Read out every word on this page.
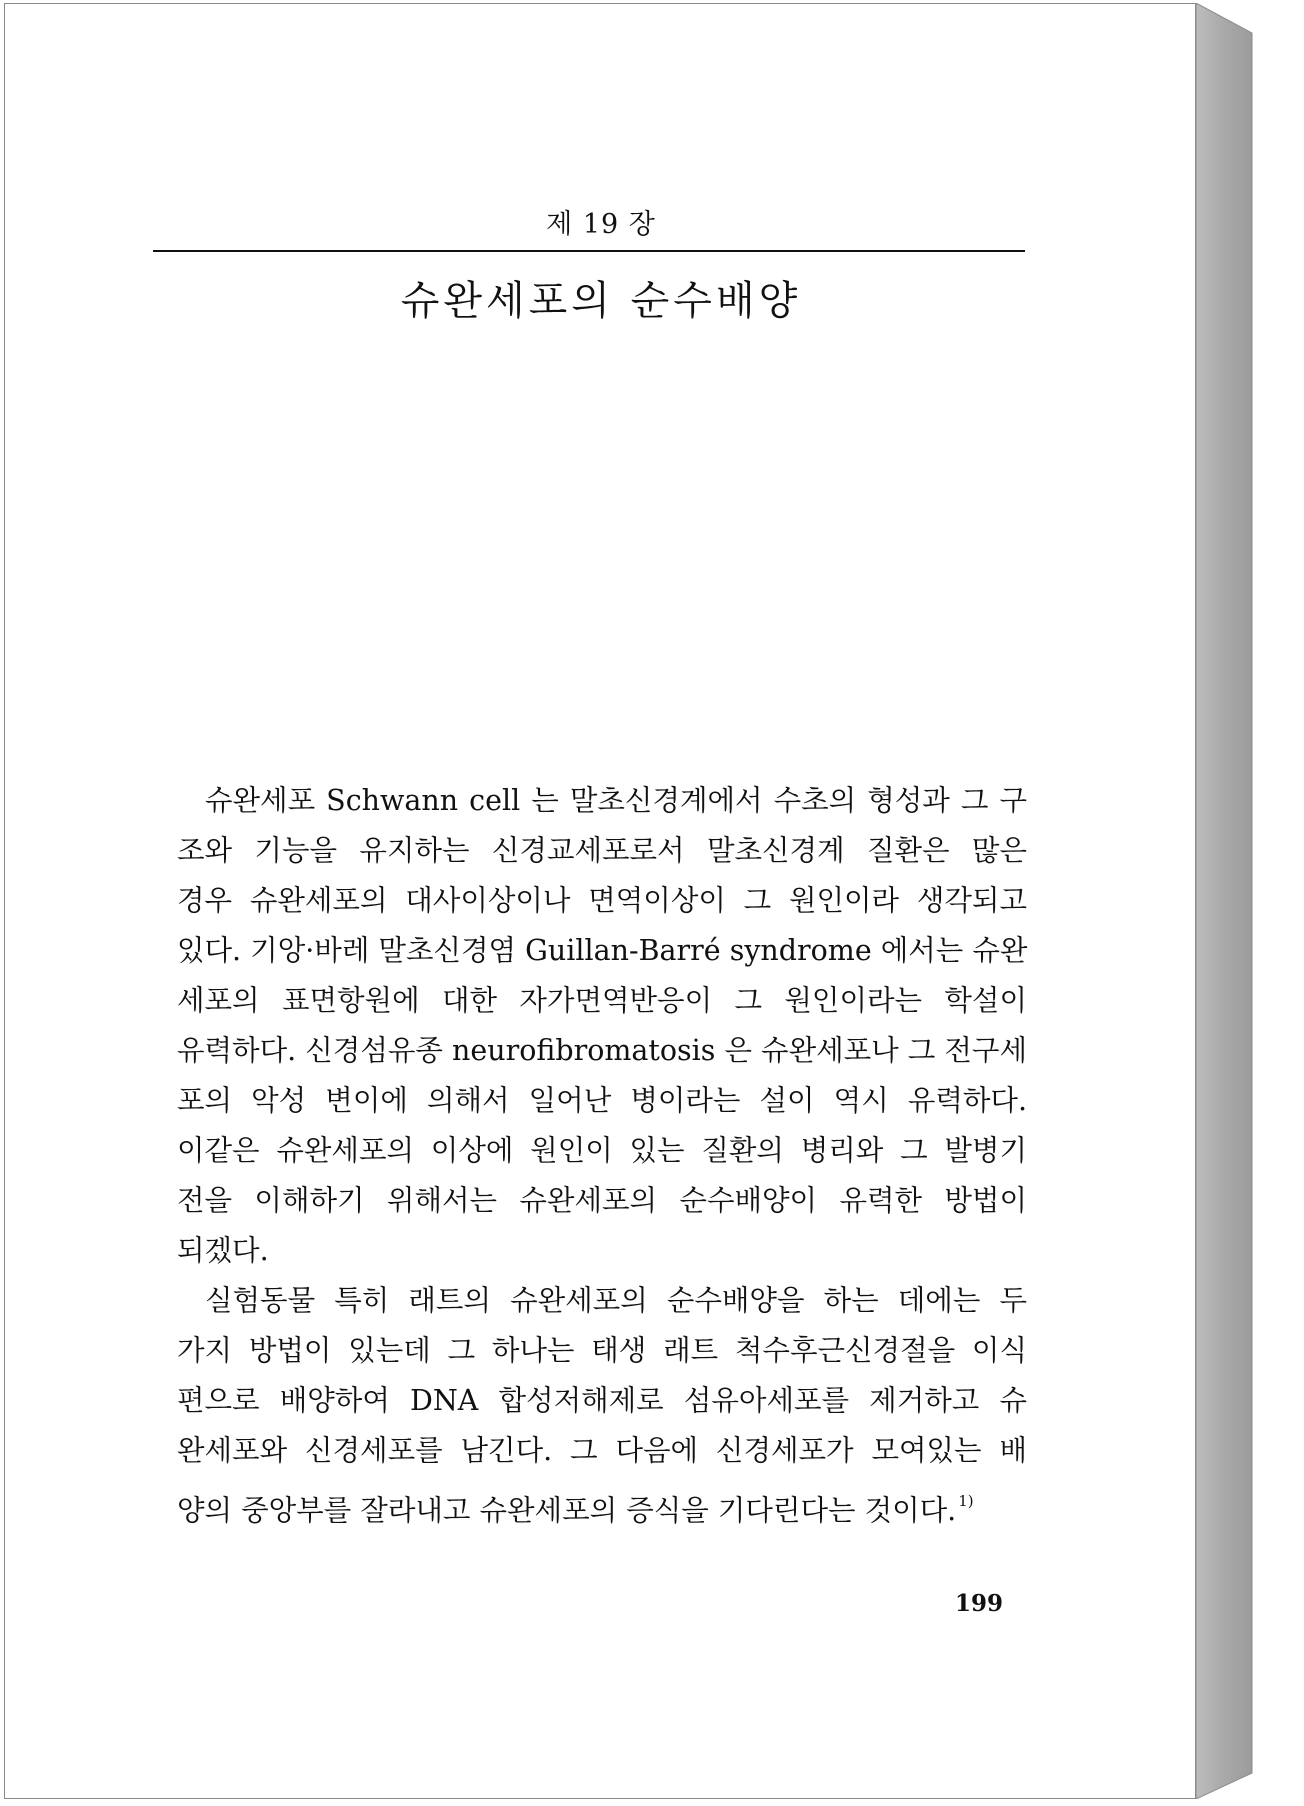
제 19 장
슈완세포의 순수배양

슈완세포 Schwann cell 는 말초신경계에서 수초의 형성과 그 구
조와 기능을 유지하는 신경교세포로서 말초신경계 질환은 많은
경우 슈완세포의 대사이상이나 면역이상이 그 원인이라 생각되고
있다. 기앙·바레 말초신경염 Guillan-Barré syndrome 에서는 슈완
세포의 표면항원에 대한 자가면역반응이 그 원인이라는 학설이
유력하다. 신경섬유종 neurofibromatosis 은 슈완세포나 그 전구세
포의 악성 변이에 의해서 일어난 병이라는 설이 역시 유력하다.
이같은 슈완세포의 이상에 원인이 있는 질환의 병리와 그 발병기
전을 이해하기 위해서는 슈완세포의 순수배양이 유력한 방법이
되겠다.

실험동물 특히 래트의 슈완세포의 순수배양을 하는 데에는 두
가지 방법이 있는데 그 하나는 태생 래트 척수후근신경절을 이식
편으로 배양하여 DNA 합성저해제로 섬유아세포를 제거하고 슈
완세포와 신경세포를 남긴다. 그 다음에 신경세포가 모여있는 배
양의 중앙부를 잘라내고 슈완세포의 증식을 기다린다는 것이다. $^{1)}$

199
